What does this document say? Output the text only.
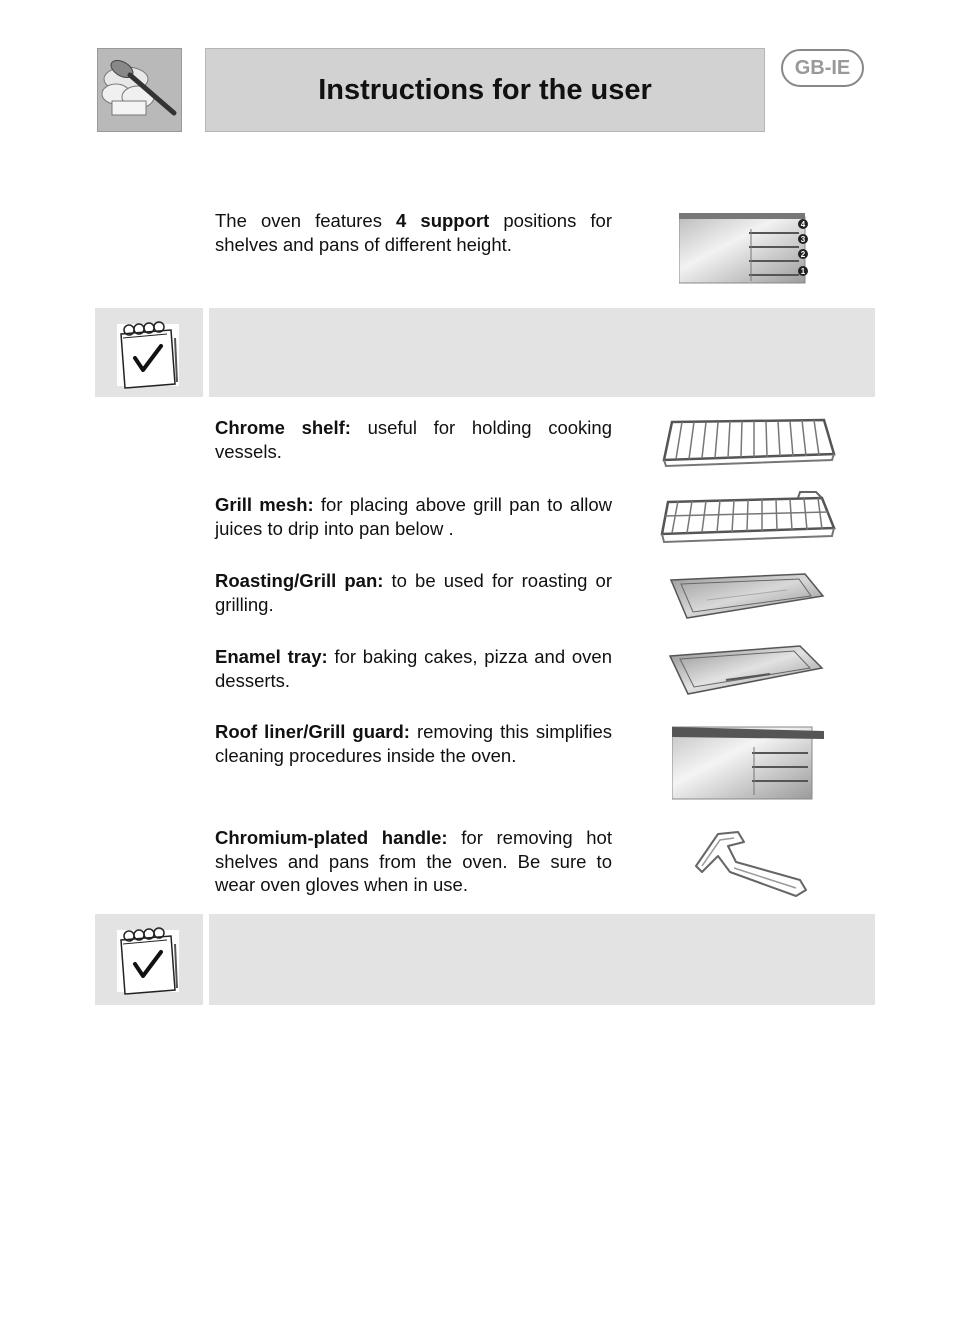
Instructions for the user
GB-IE
The oven features 4 support positions for shelves and pans of different height.
4
3
2
1
Chrome shelf: useful for holding cooking vessels.
Grill mesh: for placing above grill pan to allow juices to drip into pan below .
Roasting/Grill pan: to be used for roasting or grilling.
Enamel tray: for baking cakes, pizza and oven desserts.
Roof liner/Grill guard: removing this simplifies cleaning procedures inside the oven.
Chromium-plated handle: for removing hot shelves and pans from the oven. Be sure to wear oven gloves when in use.
